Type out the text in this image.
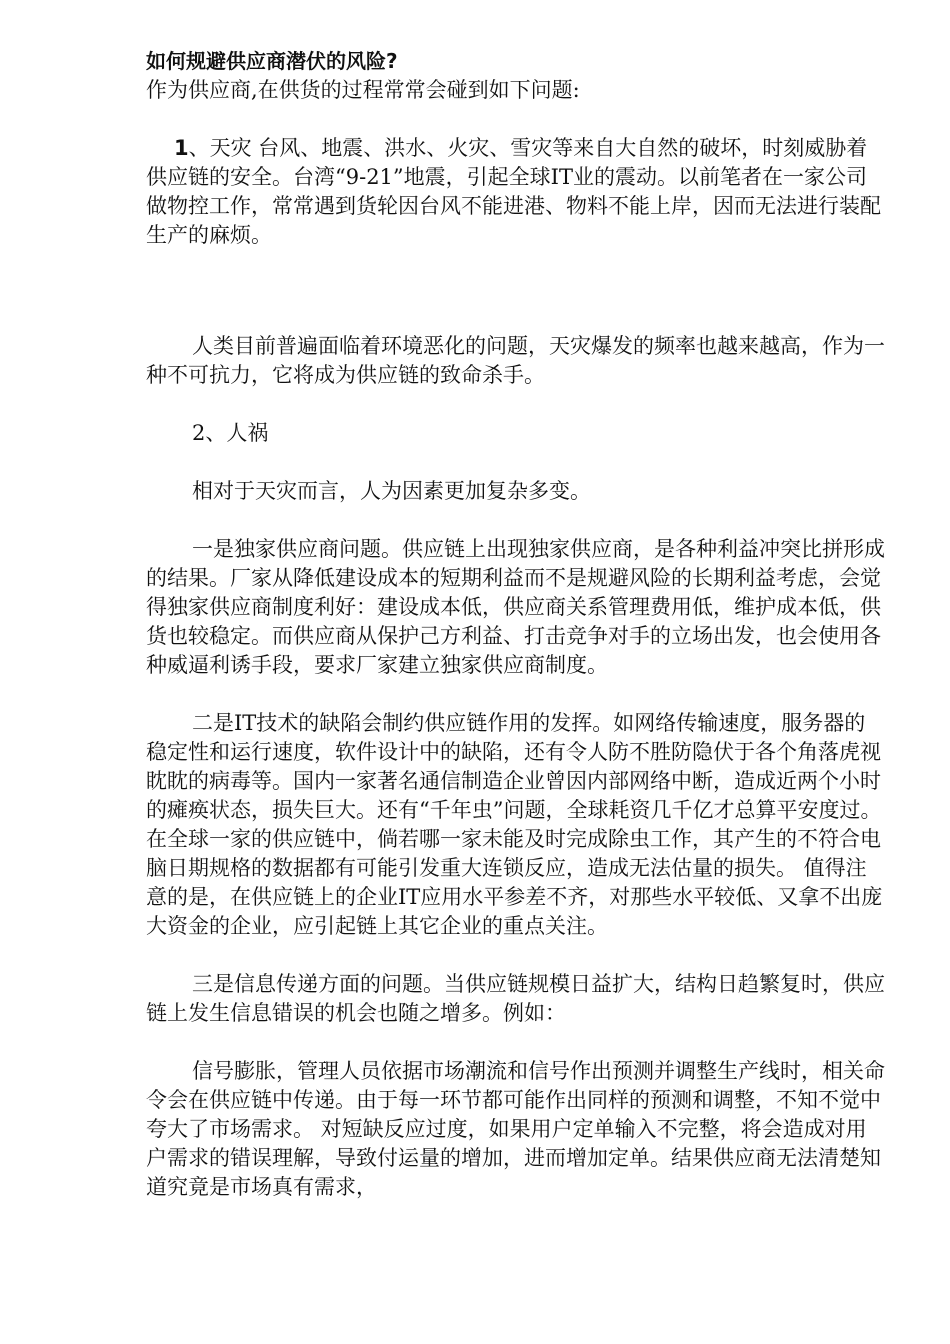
如何规避供应商潜伏的风险?
作为供应商,在供货的过程常常会碰到如下问题:

1、天灾 台风、地震、洪水、火灾、雪灾等来自大自然的破坏，时刻威胁着供应链的安全。台湾“9-21”地震，引起全球IT业的震动。以前笔者在一家公司做物控工作，常常遇到货轮因台风不能进港、物料不能上岸，因而无法进行装配生产的麻烦。

人类目前普遍面临着环境恶化的问题，天灾爆发的频率也越来越高，作为一种不可抗力，它将成为供应链的致命杀手。

2、人祸

相对于天灾而言，人为因素更加复杂多变。

一是独家供应商问题。供应链上出现独家供应商，是各种利益冲突比拼形成的结果。厂家从降低建设成本的短期利益而不是规避风险的长期利益考虑，会觉得独家供应商制度利好：建设成本低，供应商关系管理费用低，维护成本低，供货也较稳定。而供应商从保护己方利益、打击竞争对手的立场出发，也会使用各种威逼利诱手段，要求厂家建立独家供应商制度。

二是IT技术的缺陷会制约供应链作用的发挥。如网络传输速度，服务器的稳定性和运行速度，软件设计中的缺陷，还有令人防不胜防隐伏于各个角落虎视眈眈的病毒等。国内一家著名通信制造企业曾因内部网络中断，造成近两个小时的瘫痪状态，损失巨大。还有“千年虫”问题，全球耗资几千亿才总算平安度过。在全球一家的供应链中，倘若哪一家未能及时完成除虫工作，其产生的不符合电脑日期规格的数据都有可能引发重大连锁反应，造成无法估量的损失。 值得注意的是，在供应链上的企业IT应用水平参差不齐，对那些水平较低、又拿不出庞大资金的企业，应引起链上其它企业的重点关注。

三是信息传递方面的问题。当供应链规模日益扩大，结构日趋繁复时，供应链上发生信息错误的机会也随之增多。例如：

信号膨胀，管理人员依据市场潮流和信号作出预测并调整生产线时，相关命令会在供应链中传递。由于每一环节都可能作出同样的预测和调整，不知不觉中夸大了市场需求。 对短缺反应过度，如果用户定单输入不完整，将会造成对用户需求的错误理解，导致付运量的增加，进而增加定单。结果供应商无法清楚知道究竟是市场真有需求，
